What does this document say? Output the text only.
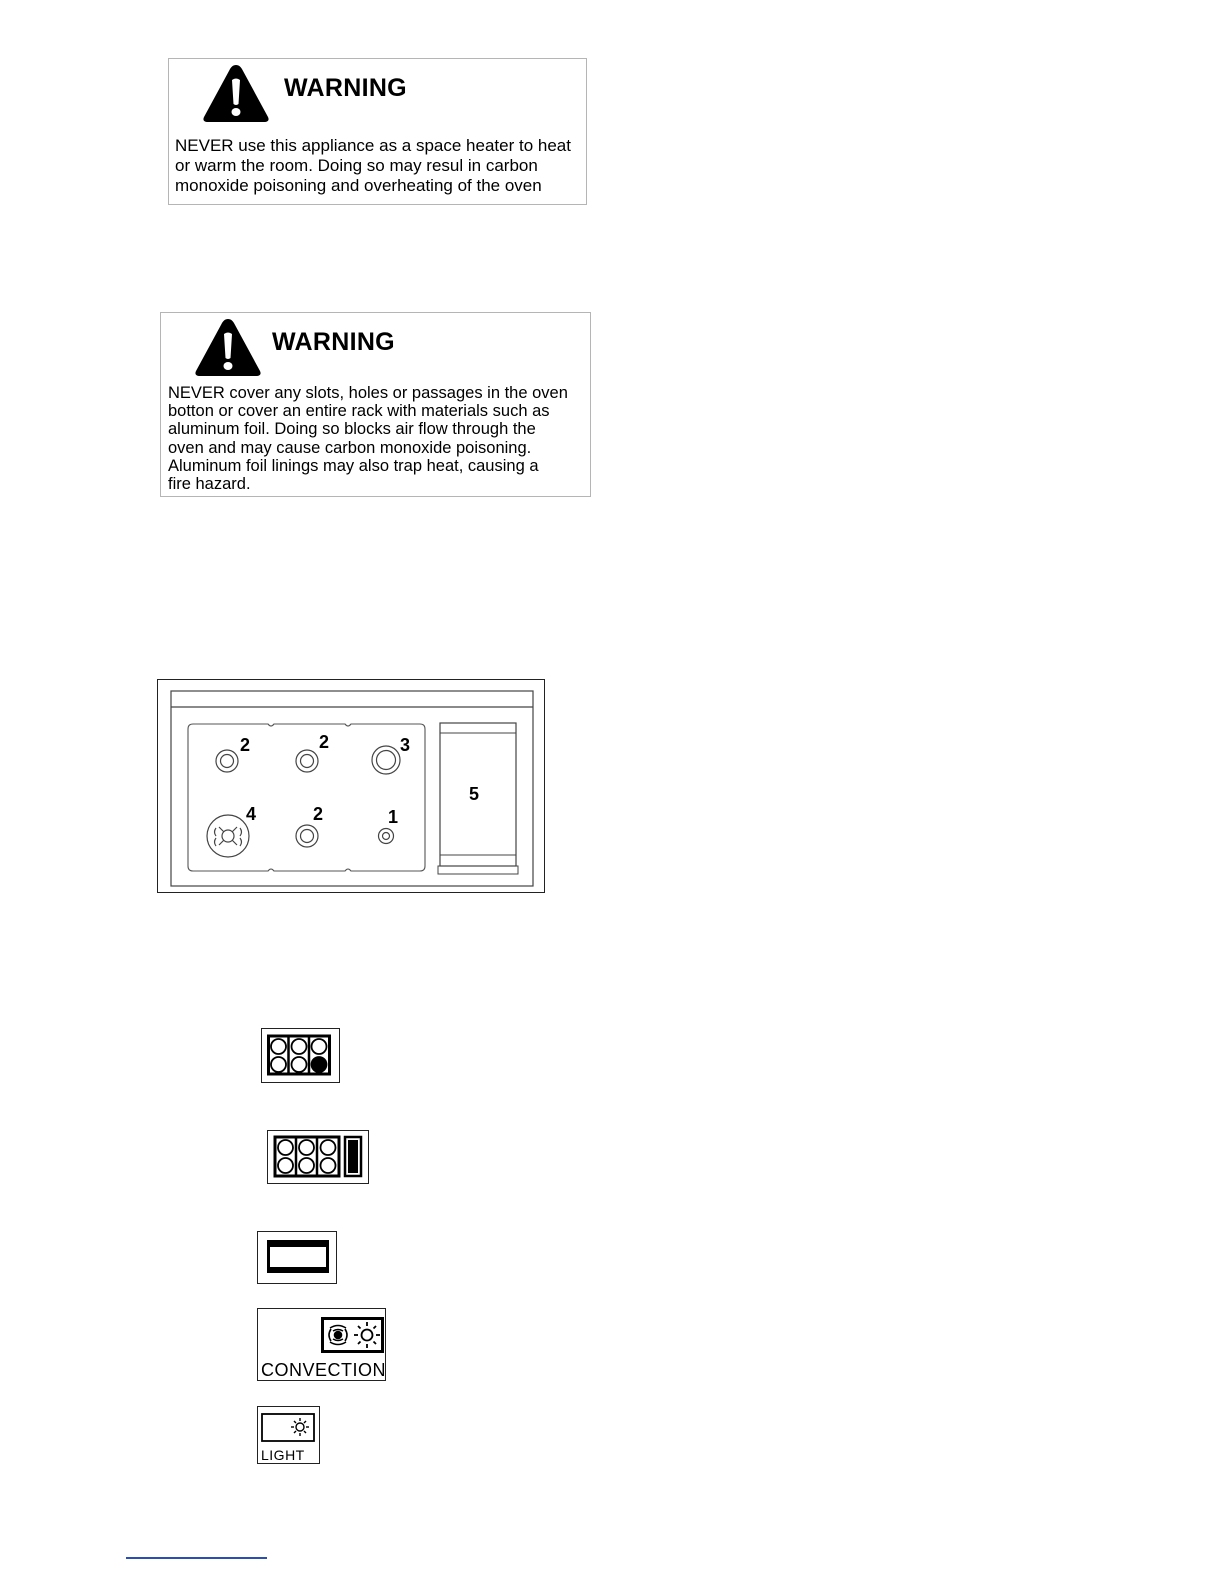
WARNING
NEVER use this appliance as a space heater to heat
or warm the room. Doing so may resul in carbon
monoxide poisoning and overheating of the oven
WARNING
NEVER cover any slots, holes or passages in the oven
botton or cover an entire rack with materials such as
aluminum foil. Doing so blocks air flow through the
oven and may cause carbon monoxide poisoning.
Aluminum foil linings may also trap heat, causing a
fire hazard.
2	2	3
4	2	1
5
CONVECTION
LIGHT
